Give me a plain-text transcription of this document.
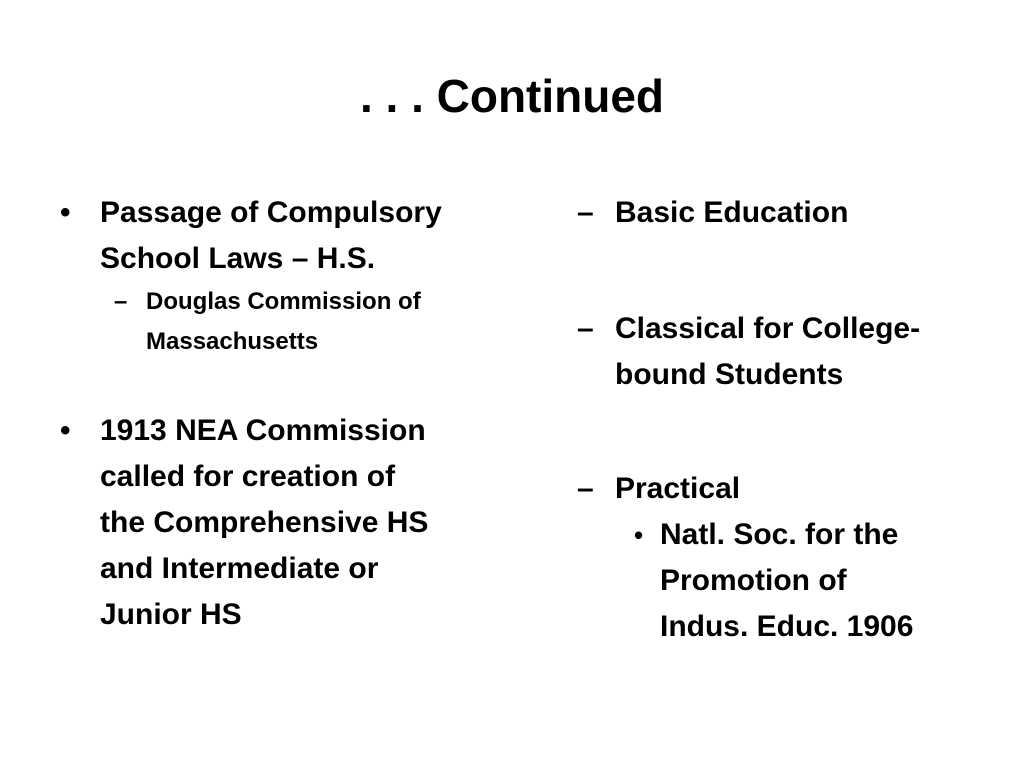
. . . Continued
• Passage of Compulsory
School Laws – H.S.
– Douglas Commission of
Massachusetts
• 1913 NEA Commission
called for creation of
the Comprehensive HS
and Intermediate or
Junior HS
– Basic Education
– Classical for College-
bound Students
– Practical
• Natl. Soc. for the
Promotion of
Indus. Educ. 1906
